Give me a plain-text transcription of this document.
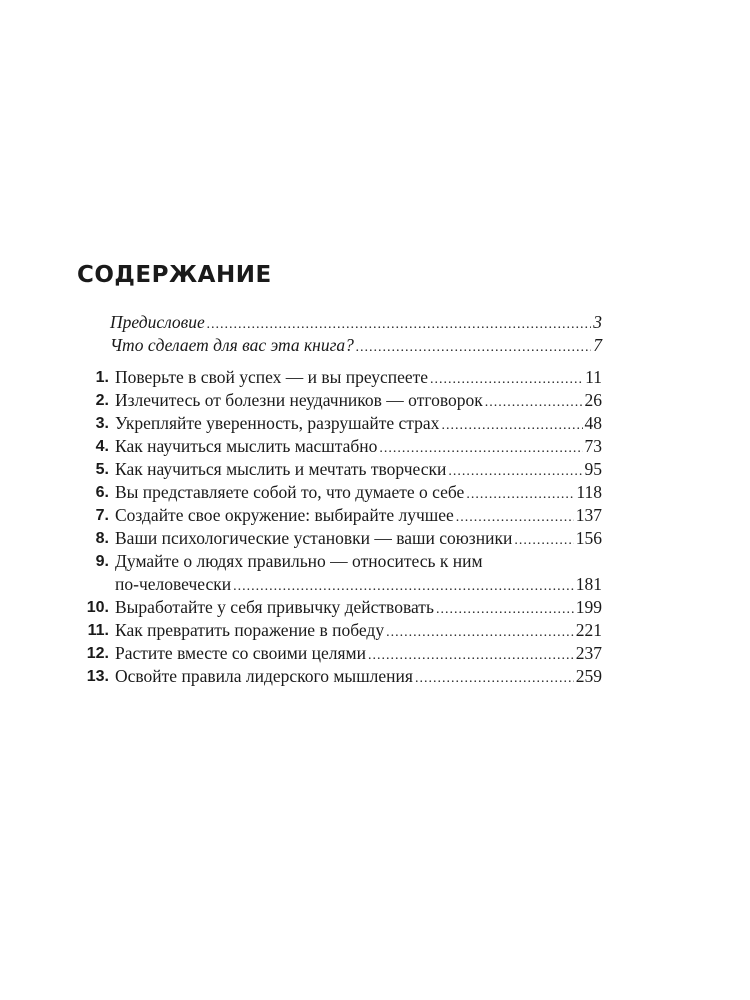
СОДЕРЖАНИЕ
Предисловие .....	3
Что сделает для вас эта книга? .....	7
1. Поверьте в свой успех — и вы преуспеете .....	11
2. Излечитесь от болезни неудачников — отговорок .....	26
3. Укрепляйте уверенность, разрушайте страх .....	48
4. Как научиться мыслить масштабно .....	73
5. Как научиться мыслить и мечтать творчески .....	95
6. Вы представляете собой то, что думаете о себе .....	118
7. Создайте свое окружение: выбирайте лучшее .....	137
8. Ваши психологические установки — ваши союзники .....	156
9. Думайте о людях правильно — относитесь к ним
по-человечески .....	181
10. Выработайте у себя привычку действовать .....	199
11. Как превратить поражение в победу .....	221
12. Растите вместе со своими целями .....	237
13. Освойте правила лидерского мышления .....	259
